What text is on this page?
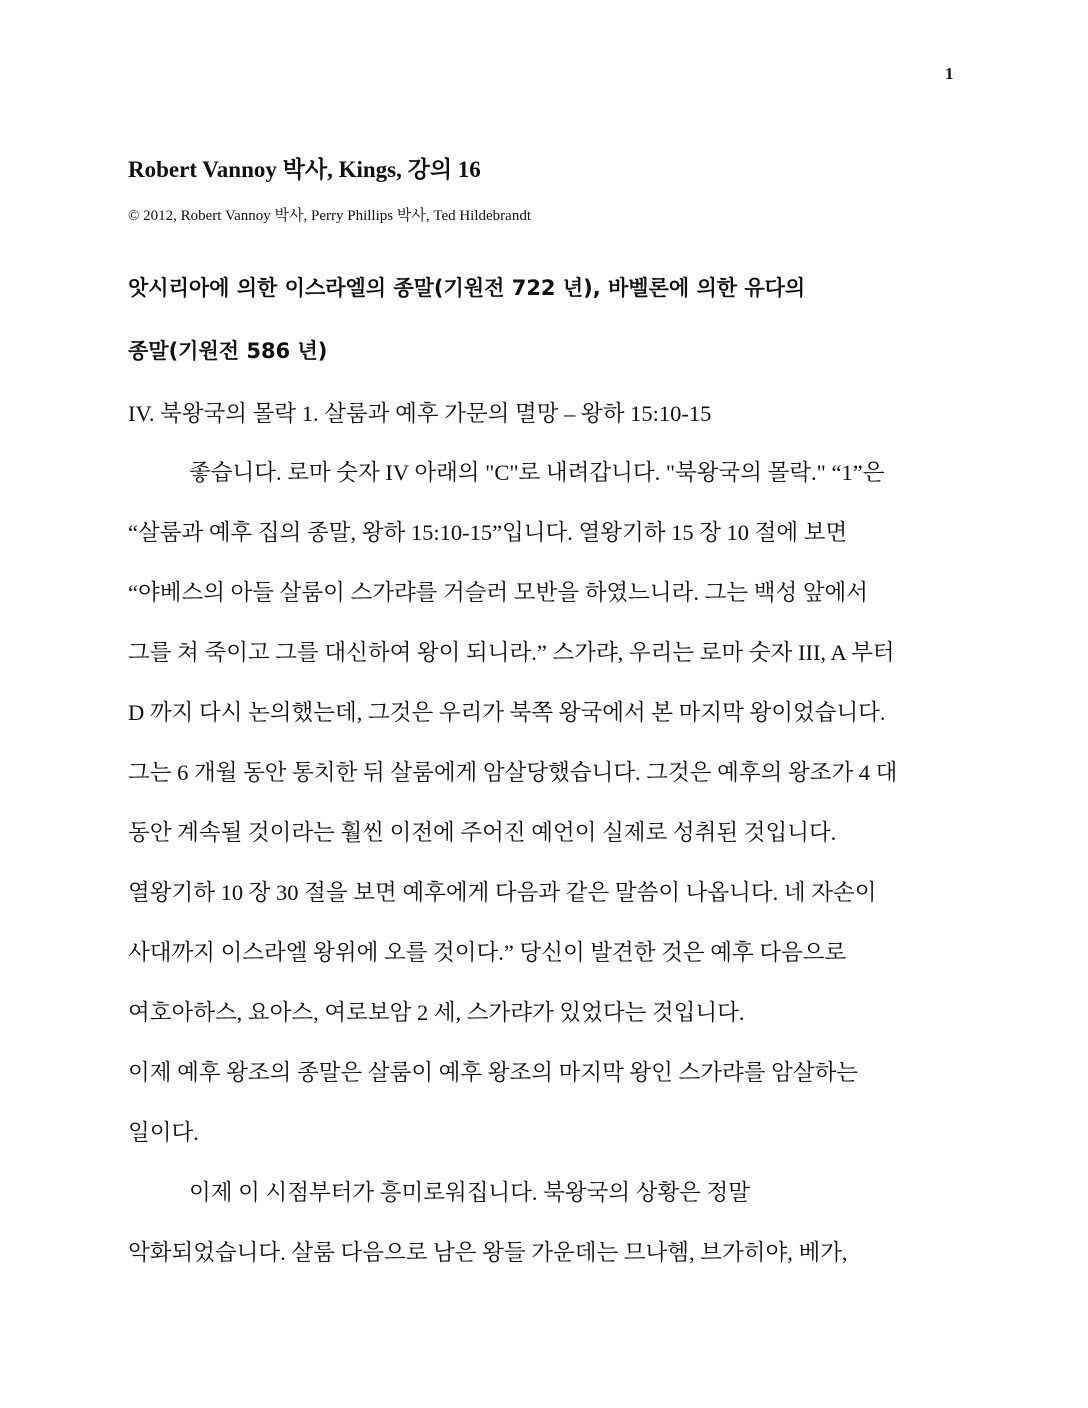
1
Robert Vannoy 박사, Kings, 강의 16
© 2012, Robert Vannoy 박사, Perry Phillips 박사, Ted Hildebrandt
앗시리아에 의한 이스라엘의 종말(기원전 722 년), 바벨론에 의한 유다의
종말(기원전 586 년)
IV. 북왕국의 몰락 1. 살룸과 예후 가문의 멸망 – 왕하 15:10-15
좋습니다. 로마 숫자 IV 아래의 "C"로 내려갑니다. "북왕국의 몰락." “1”은
“살룸과 예후 집의 종말, 왕하 15:10-15”입니다. 열왕기하 15 장 10 절에 보면
“야베스의 아들 살룸이 스가랴를 거슬러 모반을 하였느니라. 그는 백성 앞에서
그를 쳐 죽이고 그를 대신하여 왕이 되니라.” 스가랴, 우리는 로마 숫자 III, A 부터
D 까지 다시 논의했는데, 그것은 우리가 북쪽 왕국에서 본 마지막 왕이었습니다.
그는 6 개월 동안 통치한 뒤 살룸에게 암살당했습니다. 그것은 예후의 왕조가 4 대
동안 계속될 것이라는 훨씬 이전에 주어진 예언이 실제로 성취된 것입니다.
열왕기하 10 장 30 절을 보면 예후에게 다음과 같은 말씀이 나옵니다. 네 자손이
사대까지 이스라엘 왕위에 오를 것이다.” 당신이 발견한 것은 예후 다음으로
여호아하스, 요아스, 여로보암 2 세, 스가랴가 있었다는 것입니다.
이제 예후 왕조의 종말은 살룸이 예후 왕조의 마지막 왕인 스가랴를 암살하는
일이다.
이제 이 시점부터가 흥미로워집니다. 북왕국의 상황은 정말
악화되었습니다. 살룸 다음으로 남은 왕들 가운데는 므나헴, 브가히야, 베가,
